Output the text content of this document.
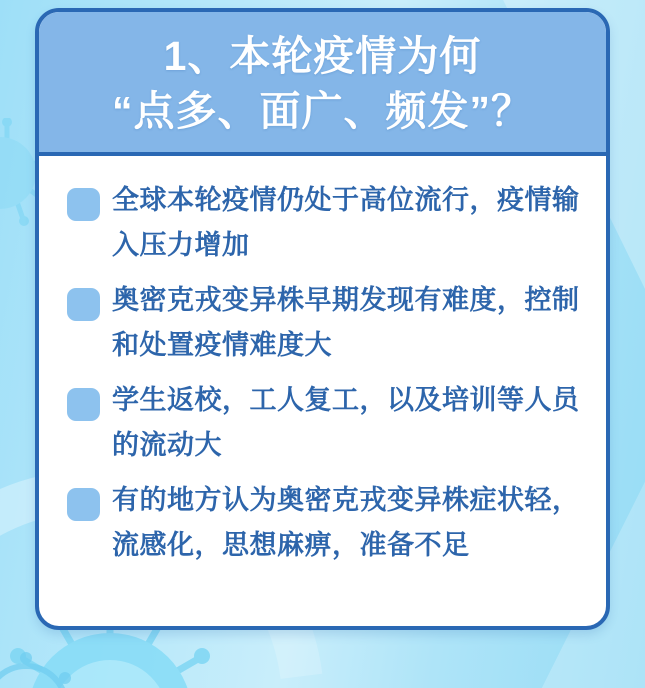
1、本轮疫情为何
“点多、面广、频发”？
全球本轮疫情仍处于高位流行，疫情输入压力增加
奥密克戎变异株早期发现有难度，控制和处置疫情难度大
学生返校，工人复工，以及培训等人员的流动大
有的地方认为奥密克戎变异株症状轻，流感化，思想麻痹，准备不足
